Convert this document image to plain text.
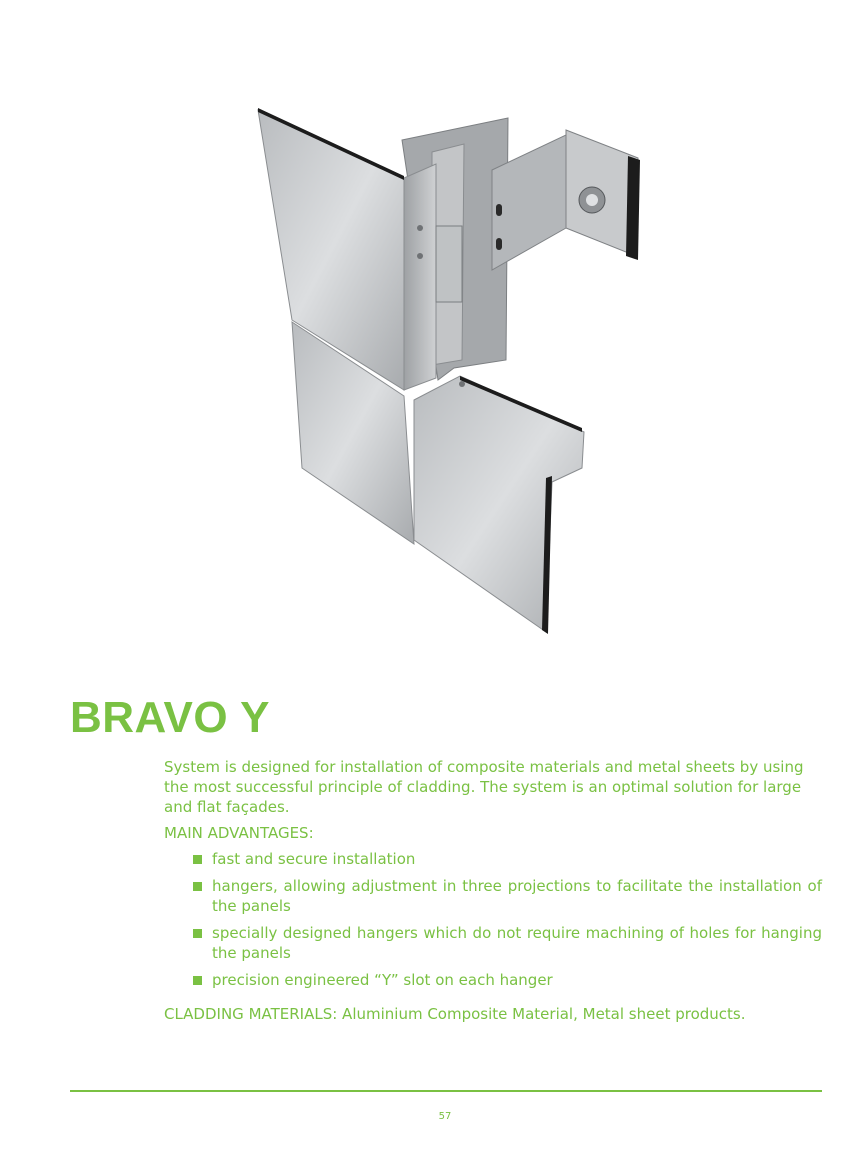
BRAVO Y

System is designed for installation of composite materials and metal sheets by using the most successful principle of cladding. The system is an optimal solution for large and flat façades.

MAIN ADVANTAGES:

fast and secure installation
hangers, allowing adjustment in three projections to facilitate the installation of the panels
specially designed hangers which do not require machining of holes for hanging the panels
precision engineered “Y” slot on each hanger

CLADDING MATERIALS: Aluminium Composite Material, Metal sheet products.

57
